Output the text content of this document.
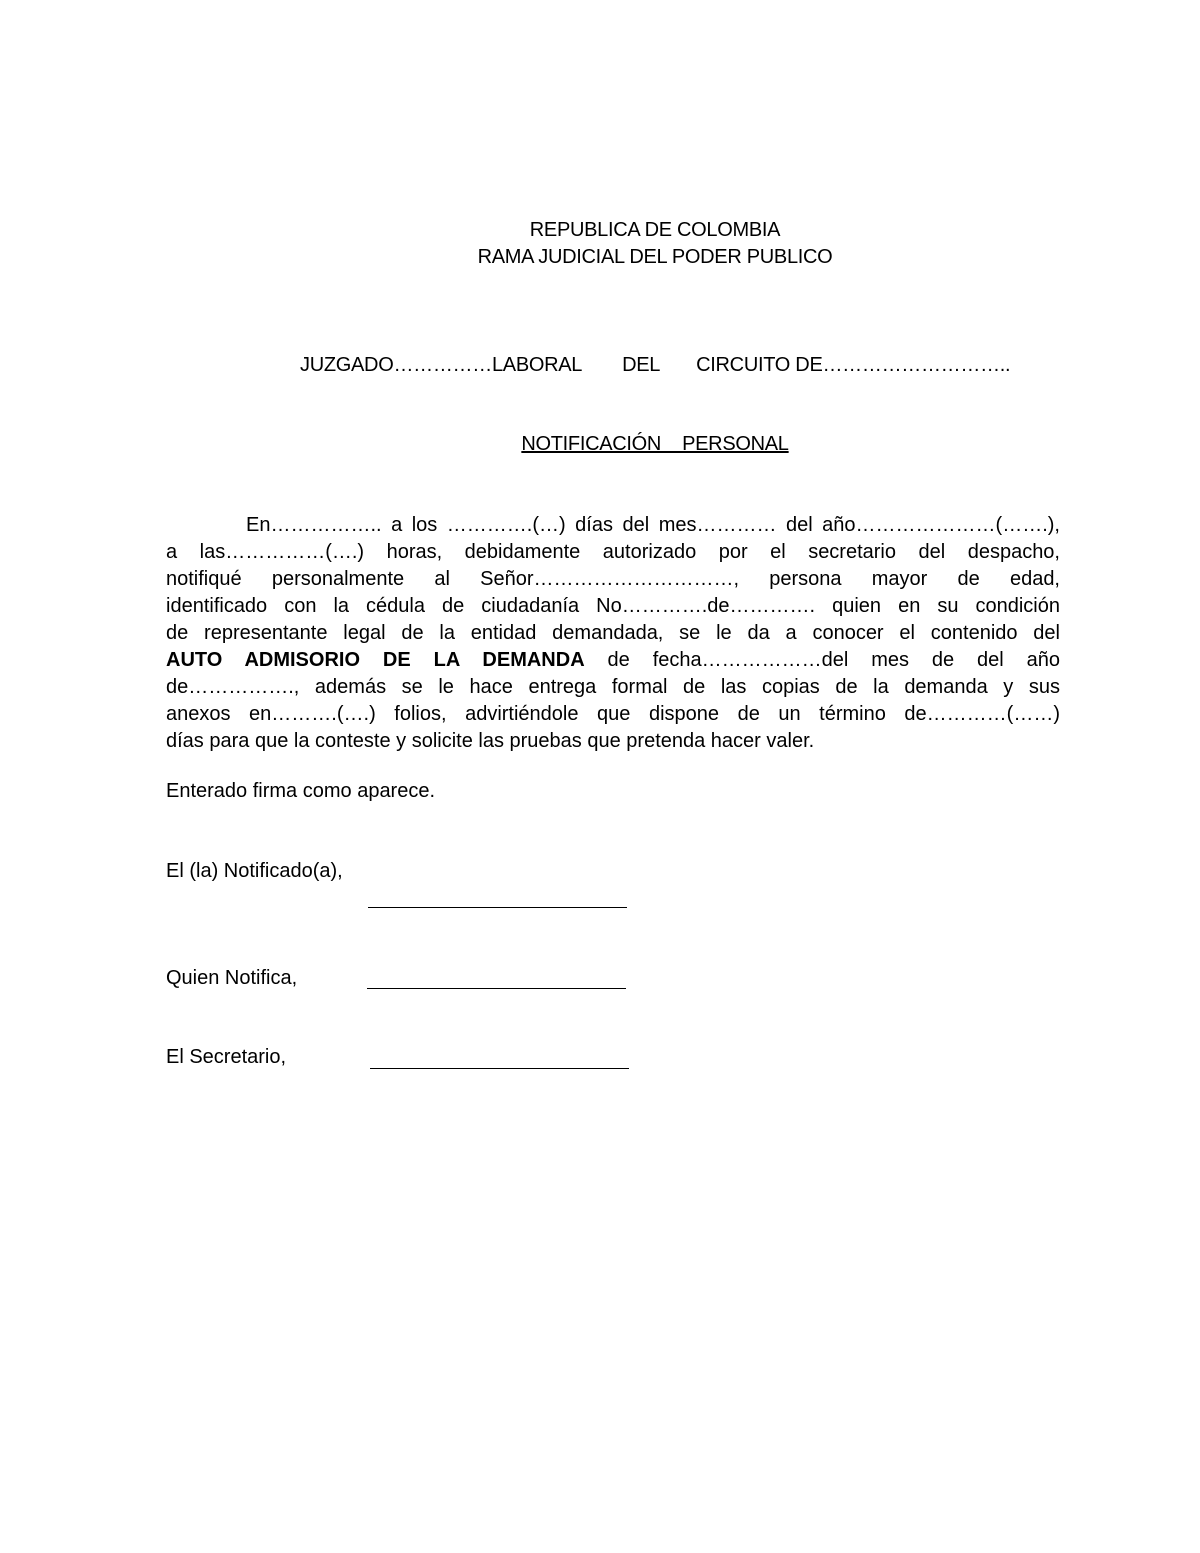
REPUBLICA DE COLOMBIA
RAMA JUDICIAL DEL PODER PUBLICO
JUZGADO……………LABORAL DEL CIRCUITO DE………………………..
NOTIFICACIÓN    PERSONAL
En…………….. a los ………….(…) días del mes………… del año…………………(…….),
a las……………(….) horas, debidamente autorizado por el secretario del despacho,
notifiqué personalmente al Señor…………………………, persona mayor de edad,
identificado con la cédula de ciudadanía No………….de…………. quien en su condición
de representante legal de la entidad demandada, se le da a conocer el contenido del
AUTO ADMISORIO DE LA DEMANDA de fecha………………del mes de del año
de……………., además se le hace entrega formal de las copias de la demanda y sus
anexos en……….(….) folios, advirtiéndole que dispone de un término de…………(……)
días para que la conteste y solicite las pruebas que pretenda hacer valer.
Enterado firma como aparece.
El (la) Notificado(a),
Quien Notifica,
El Secretario,
